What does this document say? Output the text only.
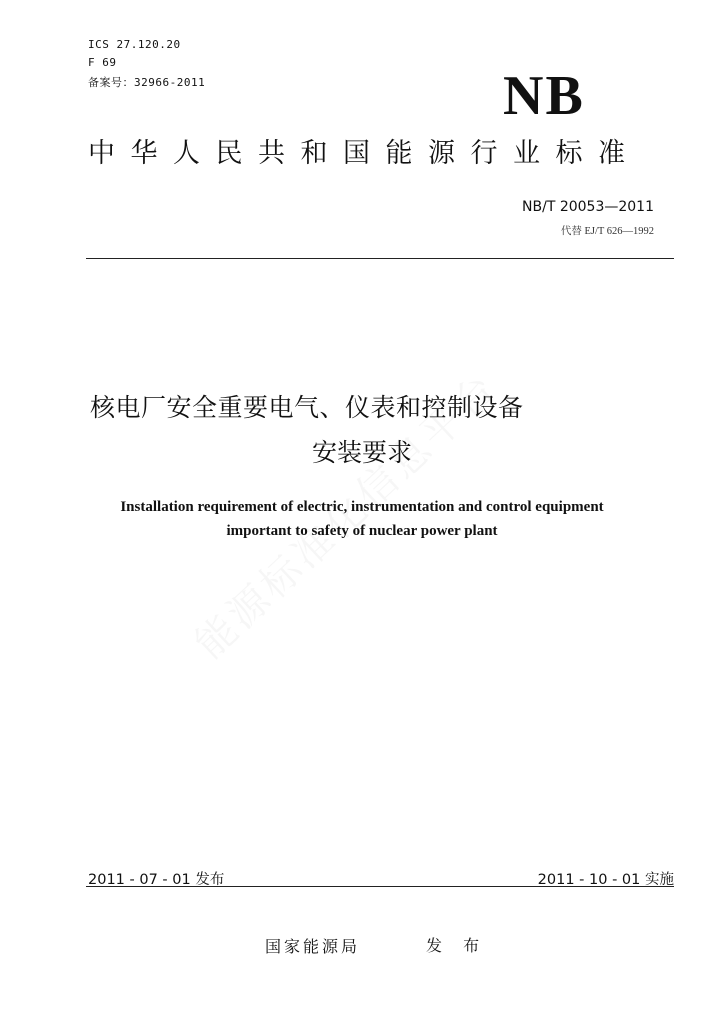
ICS 27.120.20
F 69
备案号：32966-2011	NB
中华人民共和国能源行业标准
NB/T 20053—2011
代替 EJ/T 626—1992
核电厂安全重要电气、仪表和控制设备
安装要求
Installation requirement of electric, instrumentation and control equipment
important to safety of nuclear power plant
2011 - 07 - 01 发布	2011 - 10 - 01 实施
国家能源局	发 布
